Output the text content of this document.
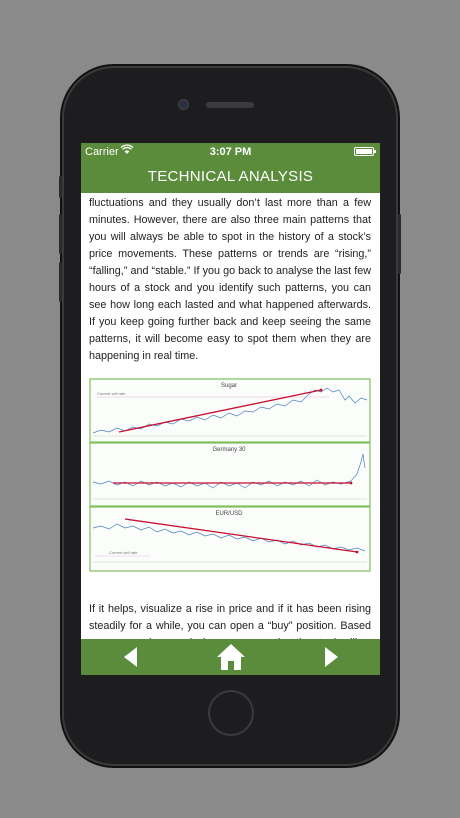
Carrier	3:07 PM
TECHNICAL ANALYSIS

fluctuations and they usually don’t last more than a few minutes. However, there are also three main patterns that you will always be able to spot in the history of a stock’s price movements. These patterns or trends are “rising,” “falling,” and “stable.” If you go back to analyse the last few hours of a stock and you identify such patterns, you can see how long each lasted and what happened afterwards. If you keep going further back and keep seeing the same patterns, it will become easy to spot them when they are happening in real time.

Sugar
Current sell rate
Germany 30
EUR/USD
Current sell rate

If it helps, visualize a rise in price and if it has been rising steadily for a while, you can open a “buy” position. Based
